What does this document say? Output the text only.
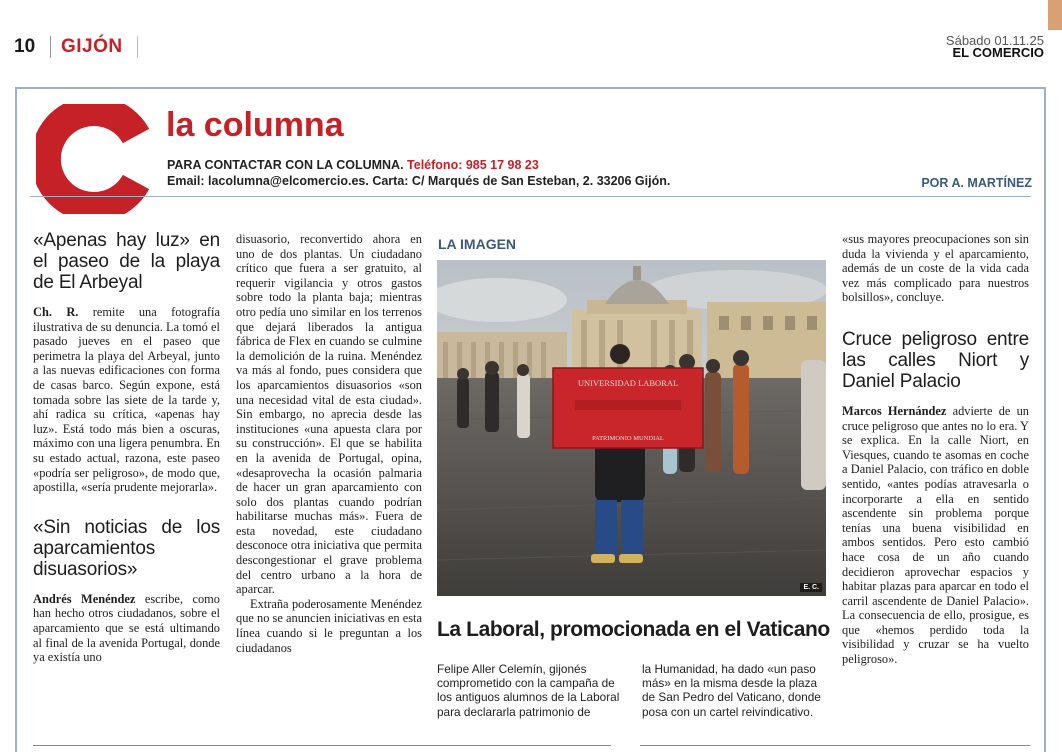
10 GIJÓN	Sábado 01.11.25
EL COMERCIO
la columna
PARA CONTACTAR CON LA COLUMNA. Teléfono: 985 17 98 23
Email: lacolumna@elcomercio.es. Carta: C/ Marqués de San Esteban, 2. 33206 Gijón.	POR A. MARTÍNEZ
«Apenas hay luz» en el paseo de la playa de El Arbeyal

Ch. R. remite una fotografía ilustrativa de su denuncia. La tomó el pasado jueves en el paseo que perimetra la playa del Arbeyal, junto a las nuevas edificaciones con forma de casas barco. Según expone, está tomada sobre las siete de la tarde y, ahí radica su crítica, «apenas hay luz». Está todo más bien a oscuras, máximo con una ligera penumbra. En su estado actual, razona, este paseo «podría ser peligroso», de modo que, apostilla, «sería prudente mejorarla».

«Sin noticias de los aparcamientos disuasorios»

Andrés Menéndez escribe, como han hecho otros ciudadanos, sobre el aparcamiento que se está ultimando al final de la avenida Portugal, donde ya existía uno

disuasorio, reconvertido ahora en uno de dos plantas. Un ciudadano crítico que fuera a ser gratuito, al requerir vigilancia y otros gastos sobre todo la planta baja; mientras otro pedía uno similar en los terrenos que dejará liberados la antigua fábrica de Flex en cuando se culmine la demolición de la ruina. Menéndez va más al fondo, pues considera que los aparcamientos disuasorios «son una necesidad vital de esta ciudad». Sin embargo, no aprecia desde las instituciones «una apuesta clara por su construcción». El que se habilita en la avenida de Portugal, opina, «desaprovecha la ocasión palmaria de hacer un gran aparcamiento con solo dos plantas cuando podrían habilitarse muchas más». Fuera de esta novedad, este ciudadano desconoce otra iniciativa que permita descongestionar el grave problema del centro urbano a la hora de aparcar.

Extraña poderosamente Menéndez que no se anuncien iniciativas en esta línea cuando si le preguntan a los ciudadanos

LA IMAGEN
UNIVERSIDAD LABORAL
PATRIMONIO MUNDIAL
E. C.
La Laboral, promocionada en el Vaticano
Felipe Aller Celemín, gijonés comprometido con la campaña de los antiguos alumnos de la Laboral para declararla patrimonio de
la Humanidad, ha dado «un paso más» en la misma desde la plaza de San Pedro del Vaticano, donde posa con un cartel reivindicativo.

«sus mayores preocupaciones son sin duda la vivienda y el aparcamiento, además de un coste de la vida cada vez más complicado para nuestros bolsillos», concluye.

Cruce peligroso entre las calles Niort y Daniel Palacio

Marcos Hernández advierte de un cruce peligroso que antes no lo era. Y se explica. En la calle Niort, en Viesques, cuando te asomas en coche a Daniel Palacio, con tráfico en doble sentido, «antes podías atravesarla o incorporarte a ella en sentido ascendente sin problema porque tenías una buena visibilidad en ambos sentidos. Pero esto cambió hace cosa de un año cuando decidieron aprovechar espacios y habitar plazas para aparcar en todo el carril ascendente de Daniel Palacio». La consecuencia de ello, prosigue, es que «hemos perdido toda la visibilidad y cruzar se ha vuelto peligroso».
